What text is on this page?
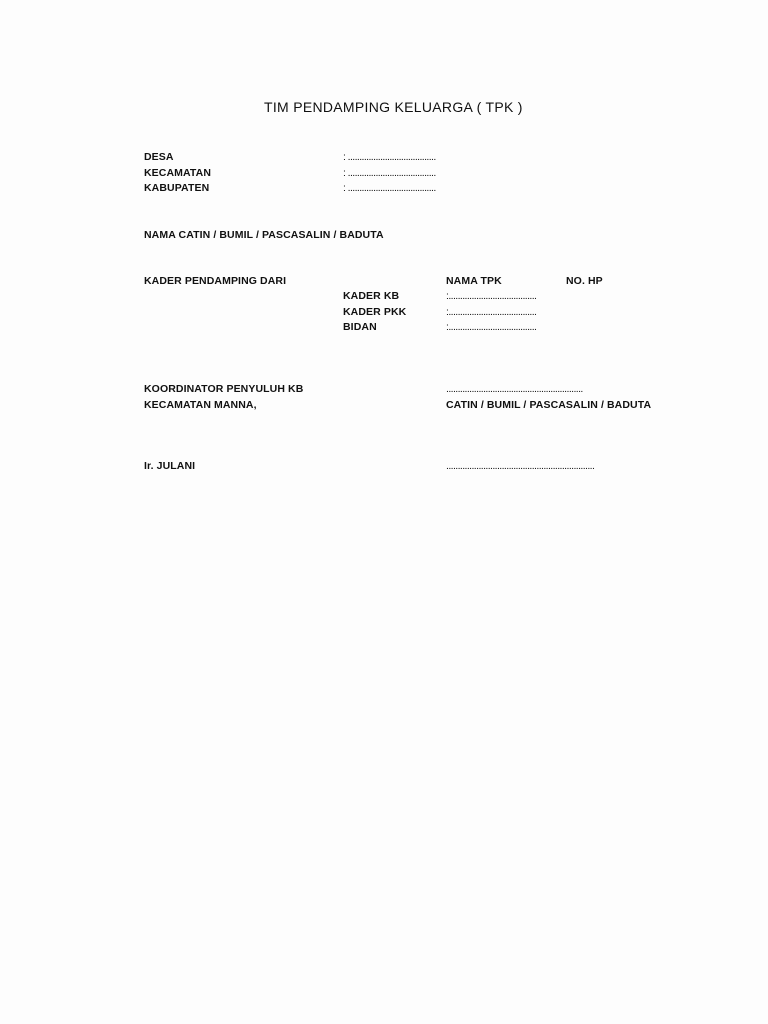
TIM PENDAMPING KELUARGA ( TPK )
DESA	: ......................................
KECAMATAN	: ......................................
KABUPATEN	: ......................................
NAMA CATIN / BUMIL / PASCASALIN / BADUTA
KADER PENDAMPING DARI	NAMA TPK	NO. HP
KADER KB	:......................................
KADER PKK	:......................................
BIDAN	:......................................
KOORDINATOR PENYULUH KB	...........................................................
KECAMATAN MANNA,	CATIN / BUMIL / PASCASALIN / BADUTA
Ir. JULANI	................................................................
